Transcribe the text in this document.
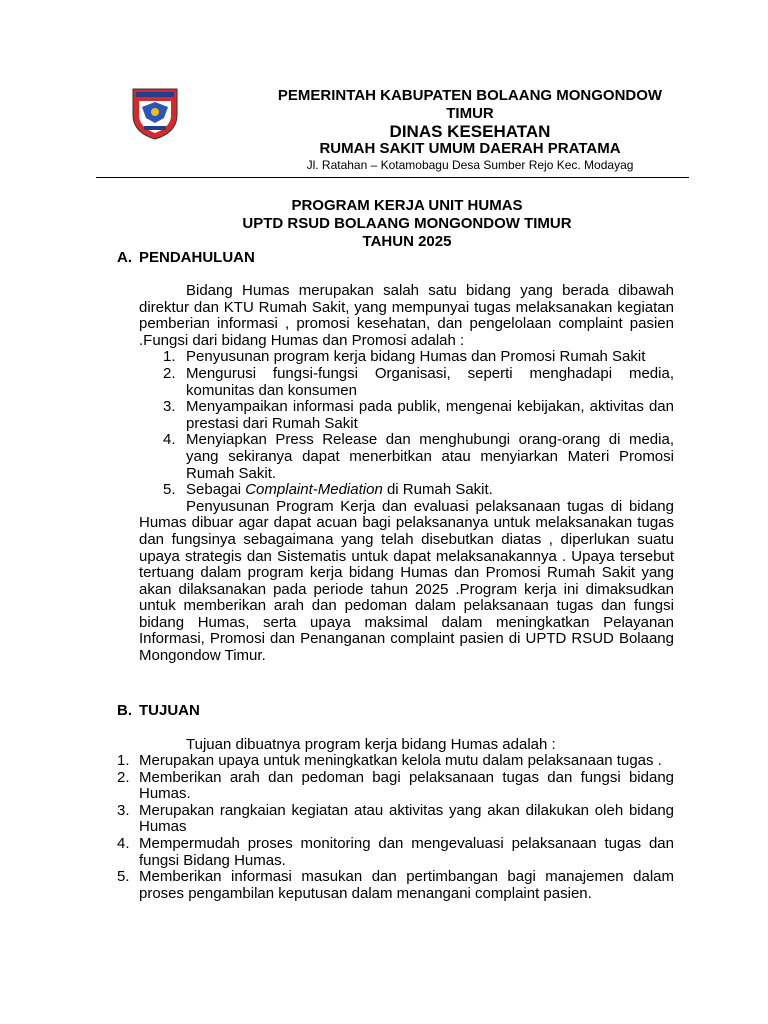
PEMERINTAH KABUPATEN BOLAANG MONGONDOW
TIMUR
DINAS KESEHATAN
RUMAH SAKIT UMUM DAERAH PRATAMA
Jl. Ratahan – Kotamobagu Desa Sumber Rejo Kec. Modayag
PROGRAM KERJA UNIT HUMAS
UPTD RSUD BOLAANG MONGONDOW TIMUR
TAHUN 2025
A. PENDAHULUAN

Bidang Humas merupakan salah satu bidang yang berada dibawah direktur dan KTU Rumah Sakit, yang mempunyai tugas melaksanakan kegiatan pemberian informasi , promosi kesehatan, dan pengelolaan complaint pasien .Fungsi dari bidang Humas dan Promosi adalah :

1. Penyusunan program kerja bidang Humas dan Promosi Rumah Sakit
2. Mengurusi fungsi-fungsi Organisasi, seperti menghadapi media, komunitas dan konsumen
3. Menyampaikan informasi pada publik, mengenai kebijakan, aktivitas dan prestasi dari Rumah Sakit
4. Menyiapkan Press Release dan menghubungi orang-orang di media, yang sekiranya dapat menerbitkan atau menyiarkan Materi Promosi Rumah Sakit.
5. Sebagai Complaint-Mediation di Rumah Sakit.

Penyusunan Program Kerja dan evaluasi pelaksanaan tugas di bidang Humas dibuar agar dapat acuan bagi pelaksananya untuk melaksanakan tugas dan fungsinya sebagaimana yang telah disebutkan diatas , diperlukan suatu upaya strategis dan Sistematis untuk dapat melaksanakannya . Upaya tersebut tertuang dalam program kerja bidang Humas dan Promosi Rumah Sakit yang akan dilaksanakan pada periode tahun 2025 .Program kerja ini dimaksudkan untuk memberikan arah dan pedoman dalam pelaksanaan tugas dan fungsi bidang Humas, serta upaya maksimal dalam meningkatkan Pelayanan Informasi, Promosi dan Penanganan complaint pasien di UPTD RSUD Bolaang Mongondow Timur.

B. TUJUAN

Tujuan dibuatnya program kerja bidang Humas adalah :

1. Merupakan upaya untuk meningkatkan kelola mutu dalam pelaksanaan tugas .
2. Memberikan arah dan pedoman bagi pelaksanaan tugas dan fungsi bidang Humas.
3. Merupakan rangkaian kegiatan atau aktivitas yang akan dilakukan oleh bidang Humas
4. Mempermudah proses monitoring dan mengevaluasi pelaksanaan tugas dan fungsi Bidang Humas.
5. Memberikan informasi masukan dan pertimbangan bagi manajemen dalam proses pengambilan keputusan dalam menangani complaint pasien.
